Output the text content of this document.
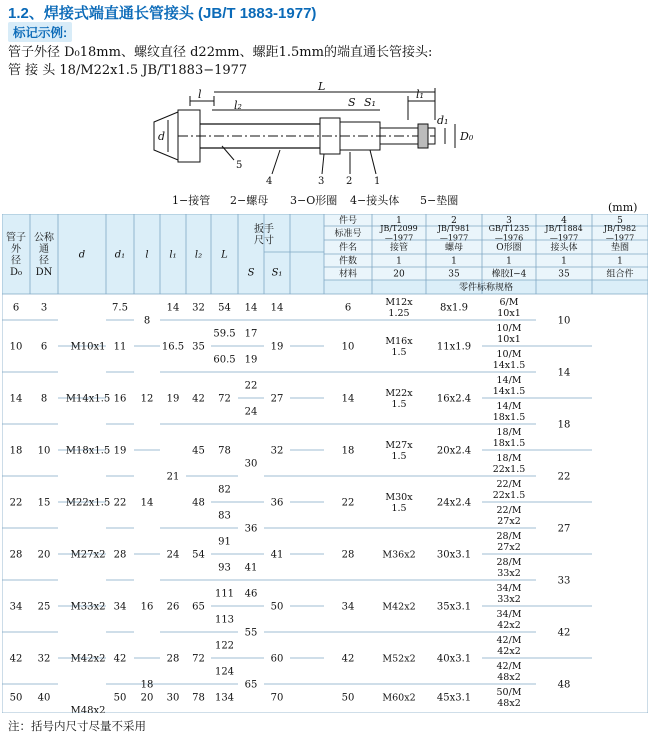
1.2、焊接式端直通长管接头 (JB/T 1883-1977)
标记示例:
管子外径 D₀18mm、螺纹直径 d22mm、螺距1.5mm的端直通长管接头:
管 接 头 18/M22x1.5 JB/T1883−1977
l
L
S S₁
l₁
l₂
d
d₁
D₀
4	3 2 1
5
1−接管 2−螺母 3−O形圈 4−接头体 5−垫圈
(mm)
管子
外
径
D₀
公称
通
径
DN
d	d₁ l l₁ l₂ L
扳手
尺寸
S S₁
件号
标准号
件名
件数
材料
零件标称规格
1
JB/T2099
—1977
接管
1
20
2
JB/T981
—1977
螺母
1
35
3
GB/T1235
—1976
O形圈
1
橡胶I−4
4
JB/T1884
—1977
接头体
1
35
5
JB/T982
—1977
垫圈
1
组合件
6
10
14
18
22
28
34
42
50
3
6
8
10
15
20
25
32
40
M10x1
M14x1.5
M18x1.5
M22x1.5
M27x2
M33x2
M42x2
M48x2
7.5
11
16
19
22
28
34
42
50
8
12
14
16
18
14
16.5
19
21
24
26
28
30
32
35
42
45
48
54
65
72
78
54
59.5
60.5
72
78
82
83
91
93
111
113
122
124
134
14
17
19
22
24
30
36
41
46
55
65
14
19
27
32
36
41
50
60
70
6
10
14
18
22
28
34
42
50
M12x
1.25
M16x
1.5
M22x
1.5
M27x
1.5
M30x
1.5
M36x2
M42x2
M52x2
M60x2
8x1.9
11x1.9
16x2.4
20x2.4
24x2.4
30x3.1
35x3.1
40x3.1
45x3.1
6/M
10x1
10/M
10x1
10/M
14x1.5
14/M
14x1.5
14/M
18x1.5
18/M
18x1.5
18/M
22x1.5
22/M
22x1.5
22/M
27x2
28/M
27x2
28/M
33x2
34/M
33x2
34/M
42x2
42/M
42x2
42/M
48x2
50/M
48x2
10
14
18
22
27
33
42
48
20
注：括号内尺寸尽量不采用
